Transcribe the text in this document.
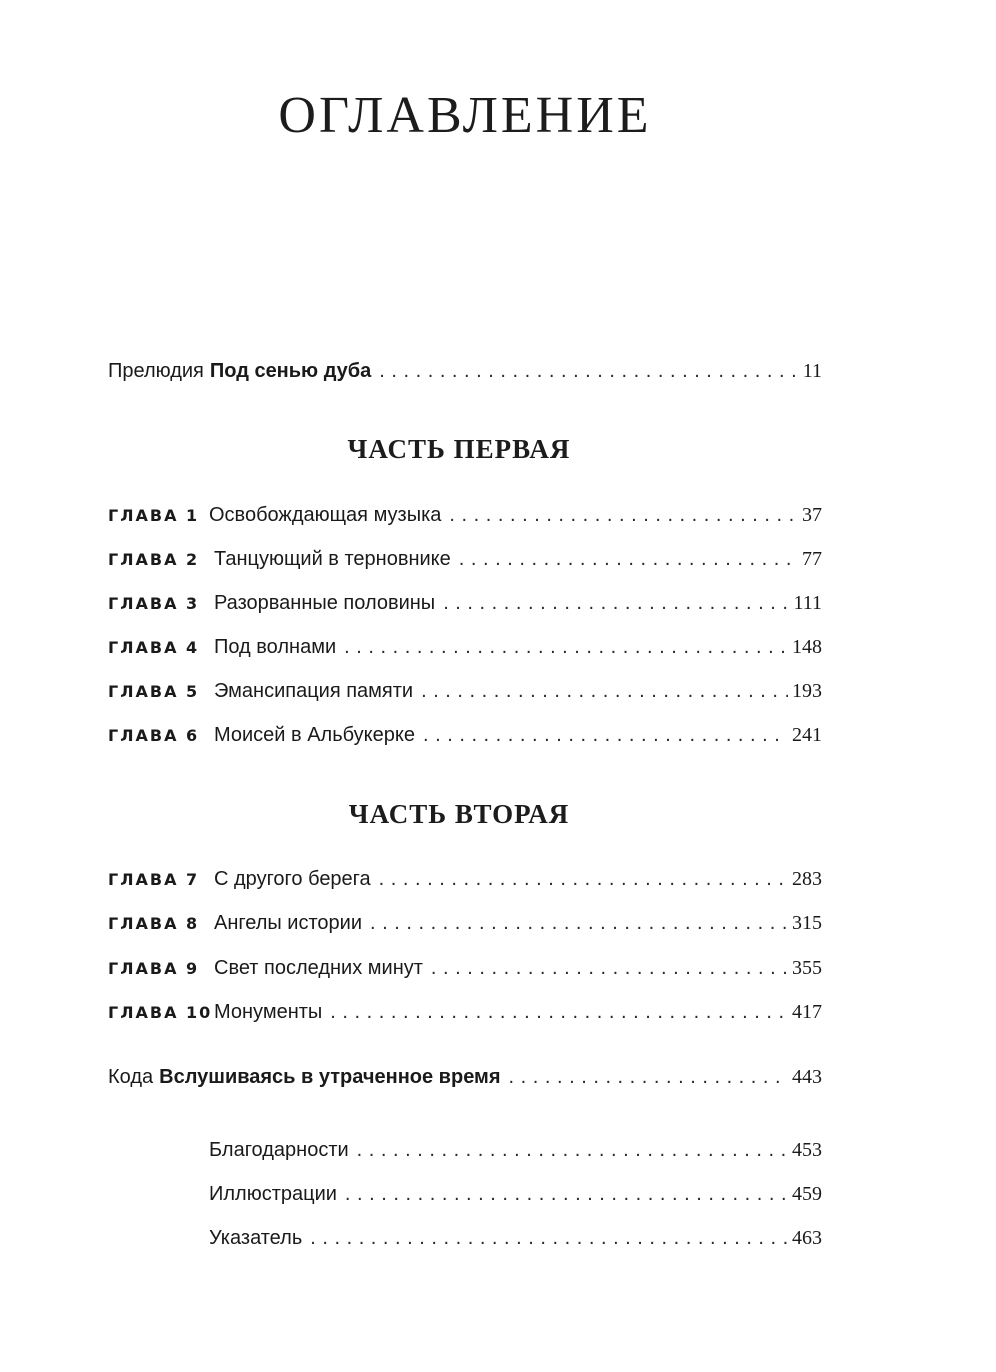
ОГЛАВЛЕНИЕ
Прелюдия Под сенью дуба . . .	11
ЧАСТЬ ПЕРВАЯ
ГЛАВА 1 Освобождающая музыка . . .	37
ГЛАВА 2 Танцующий в терновнике . . .	77
ГЛАВА 3 Разорванные половины . . .	111
ГЛАВА 4 Под волнами . . .	148
ГЛАВА 5 Эмансипация памяти . . .	193
ГЛАВА 6 Моисей в Альбукерке . . .	241
ЧАСТЬ ВТОРАЯ
ГЛАВА 7 С другого берега . . .	283
ГЛАВА 8 Ангелы истории . . .	315
ГЛАВА 9 Свет последних минут . . .	355
ГЛАВА 10 Монументы . . .	417
Кода Вслушиваясь в утраченное время . . .	443
Благодарности . . .	453
Иллюстрации . . .	459
Указатель . . .	463
